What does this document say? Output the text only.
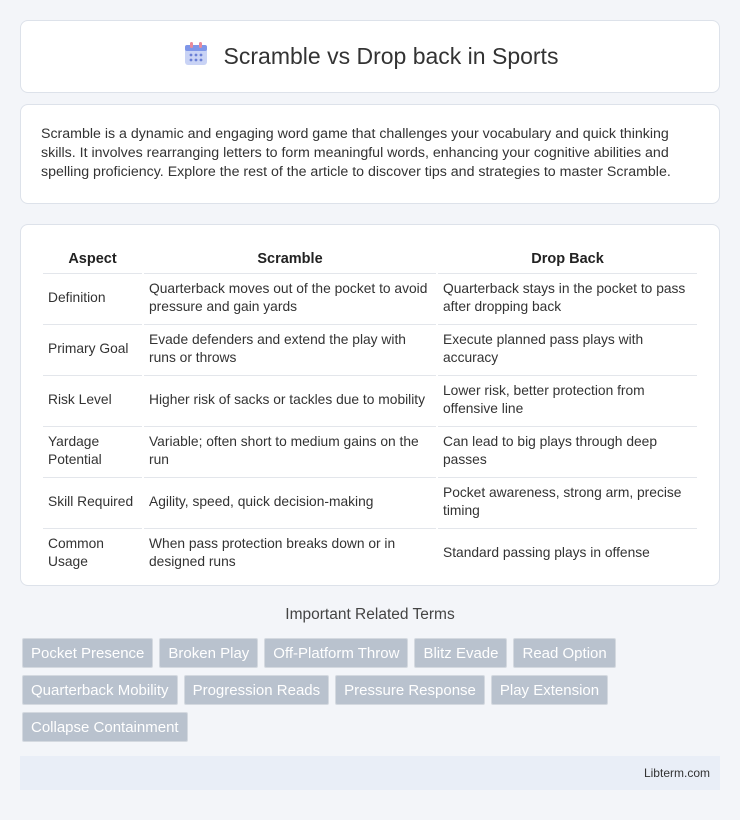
Scramble vs Drop back in Sports

Scramble is a dynamic and engaging word game that challenges your vocabulary and quick thinking skills. It involves rearranging letters to form meaningful words, enhancing your cognitive abilities and spelling proficiency. Explore the rest of the article to discover tips and strategies to master Scramble.

Aspect	Scramble	Drop Back
Definition	Quarterback moves out of the pocket to avoid pressure and gain yards	Quarterback stays in the pocket to pass after dropping back
Primary Goal	Evade defenders and extend the play with runs or throws	Execute planned pass plays with accuracy
Risk Level	Higher risk of sacks or tackles due to mobility	Lower risk, better protection from offensive line
Yardage Potential	Variable; often short to medium gains on the run	Can lead to big plays through deep passes
Skill Required	Agility, speed, quick decision-making	Pocket awareness, strong arm, precise timing
Common Usage	When pass protection breaks down or in designed runs	Standard passing plays in offense
Important Related Terms
Pocket Presence	Broken Play	Off-Platform Throw	Blitz Evade	Read Option
Quarterback Mobility	Progression Reads	Pressure Response	Play Extension
Collapse Containment
Libterm.com
